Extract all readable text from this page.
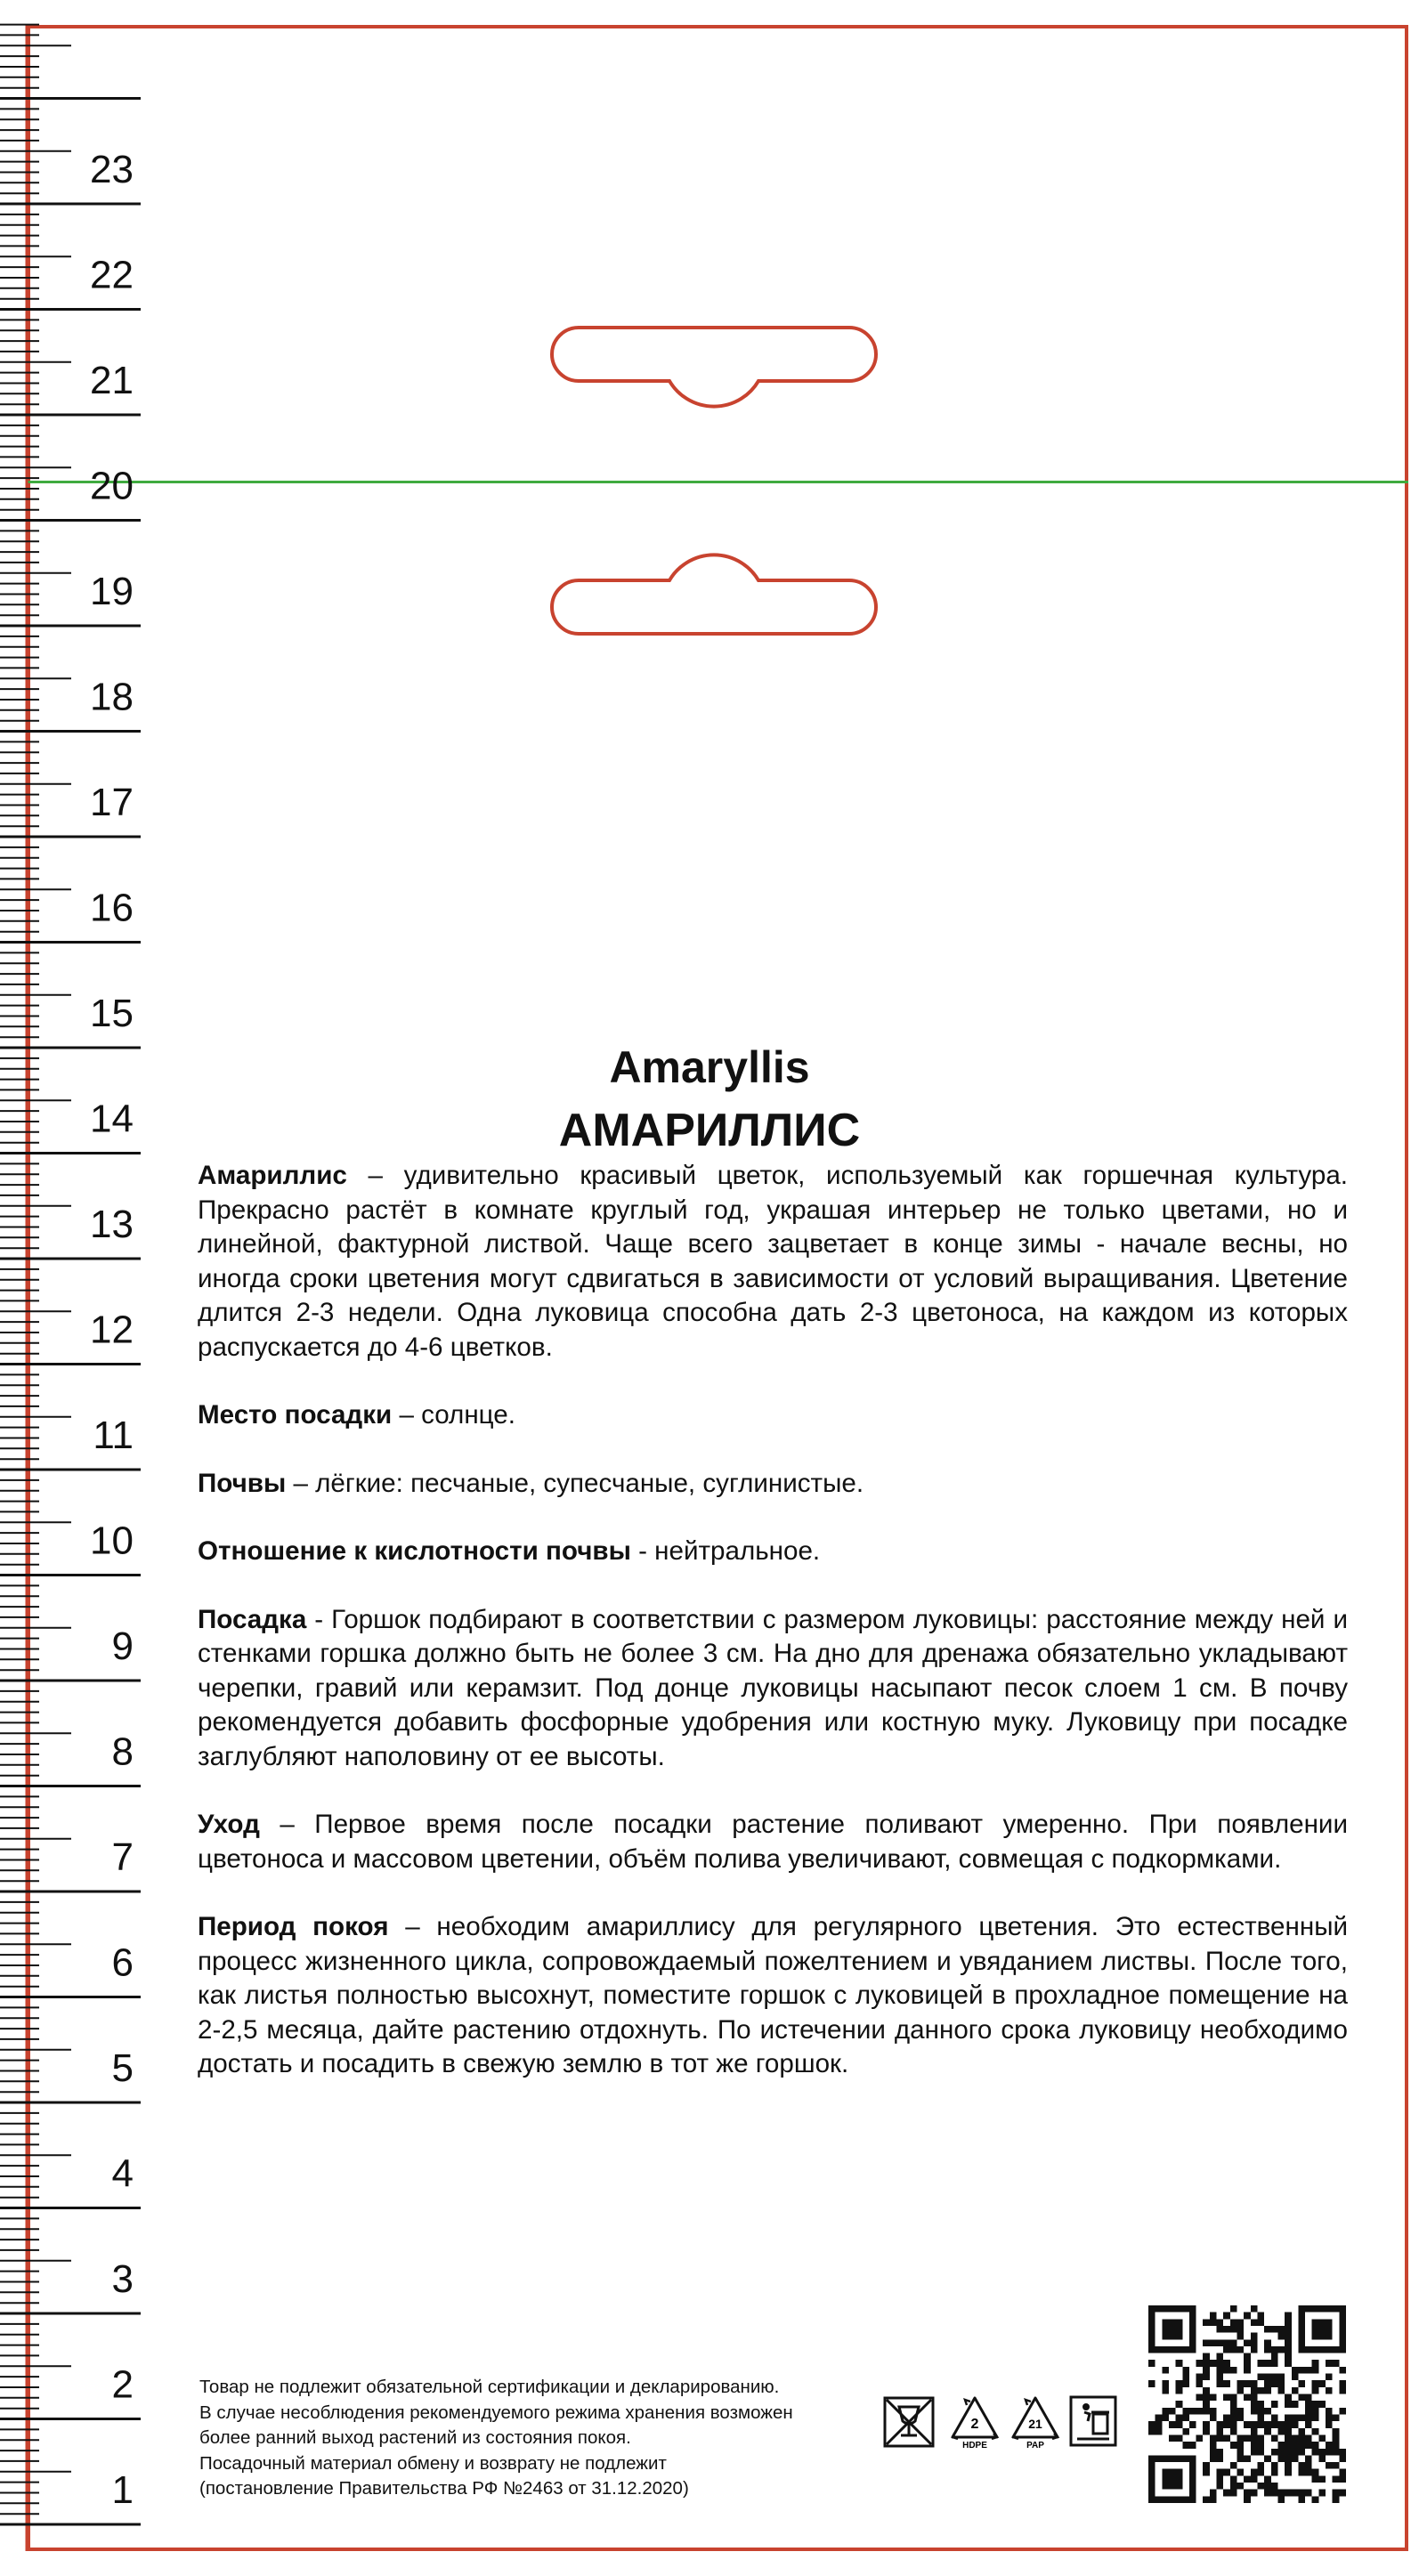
23
22
21
20
19
18
17
16
15
14
13
12
11
10
9
8
7
6
5
4
3
2
1
Amaryllis
АМАРИЛЛИС

Амариллис – удивительно красивый цветок, используемый как горшечная культура. Прекрасно растёт в комнате круглый год, украшая интерьер не только цветами, но и линейной, фактурной листвой. Чаще всего зацветает в конце зимы - начале весны, но иногда сроки цветения могут сдвигаться в зависимости от условий выращивания. Цветение длится 2-3 недели. Одна луковица способна дать 2-3 цветоноса, на каждом из которых распускается до 4-6 цветков.

Место посадки – солнце.

Почвы – лёгкие: песчаные, супесчаные, суглинистые.

Отношение к кислотности почвы - нейтральное.

Посадка - Горшок подбирают в соответствии с размером луковицы: расстояние между ней и стенками горшка должно быть не более 3 см. На дно для дренажа обязательно укладывают черепки, гравий или керамзит. Под донце луковицы насыпают песок слоем 1 см. В почву рекомендуется добавить фосфорные удобрения или костную муку. Луковицу при посадке заглубляют наполовину от ее высоты.

Уход – Первое время после посадки растение поливают умеренно. При появлении цветоноса и массовом цветении, объём полива увеличивают, совмещая с подкормками.

Период покоя – необходим амариллису для регулярного цветения. Это естественный процесс жизненного цикла, сопровождаемый пожелтением и увяданием листвы. После того, как листья полностью высохнут, поместите горшок с луковицей в прохладное помещение на 2-2,5 месяца, дайте растению отдохнуть. По истечении данного срока луковицу необходимо достать и посадить в свежую землю в тот же горшок.

Товар не подлежит обязательной сертификации и декларированию.
В случае несоблюдения рекомендуемого режима хранения возможен
более ранний выход растений из состояния покоя.
Посадочный материал обмену и возврату не подлежит
(постановление Правительства РФ №2463 от 31.12.2020)
2
HDPE
21
PAP
